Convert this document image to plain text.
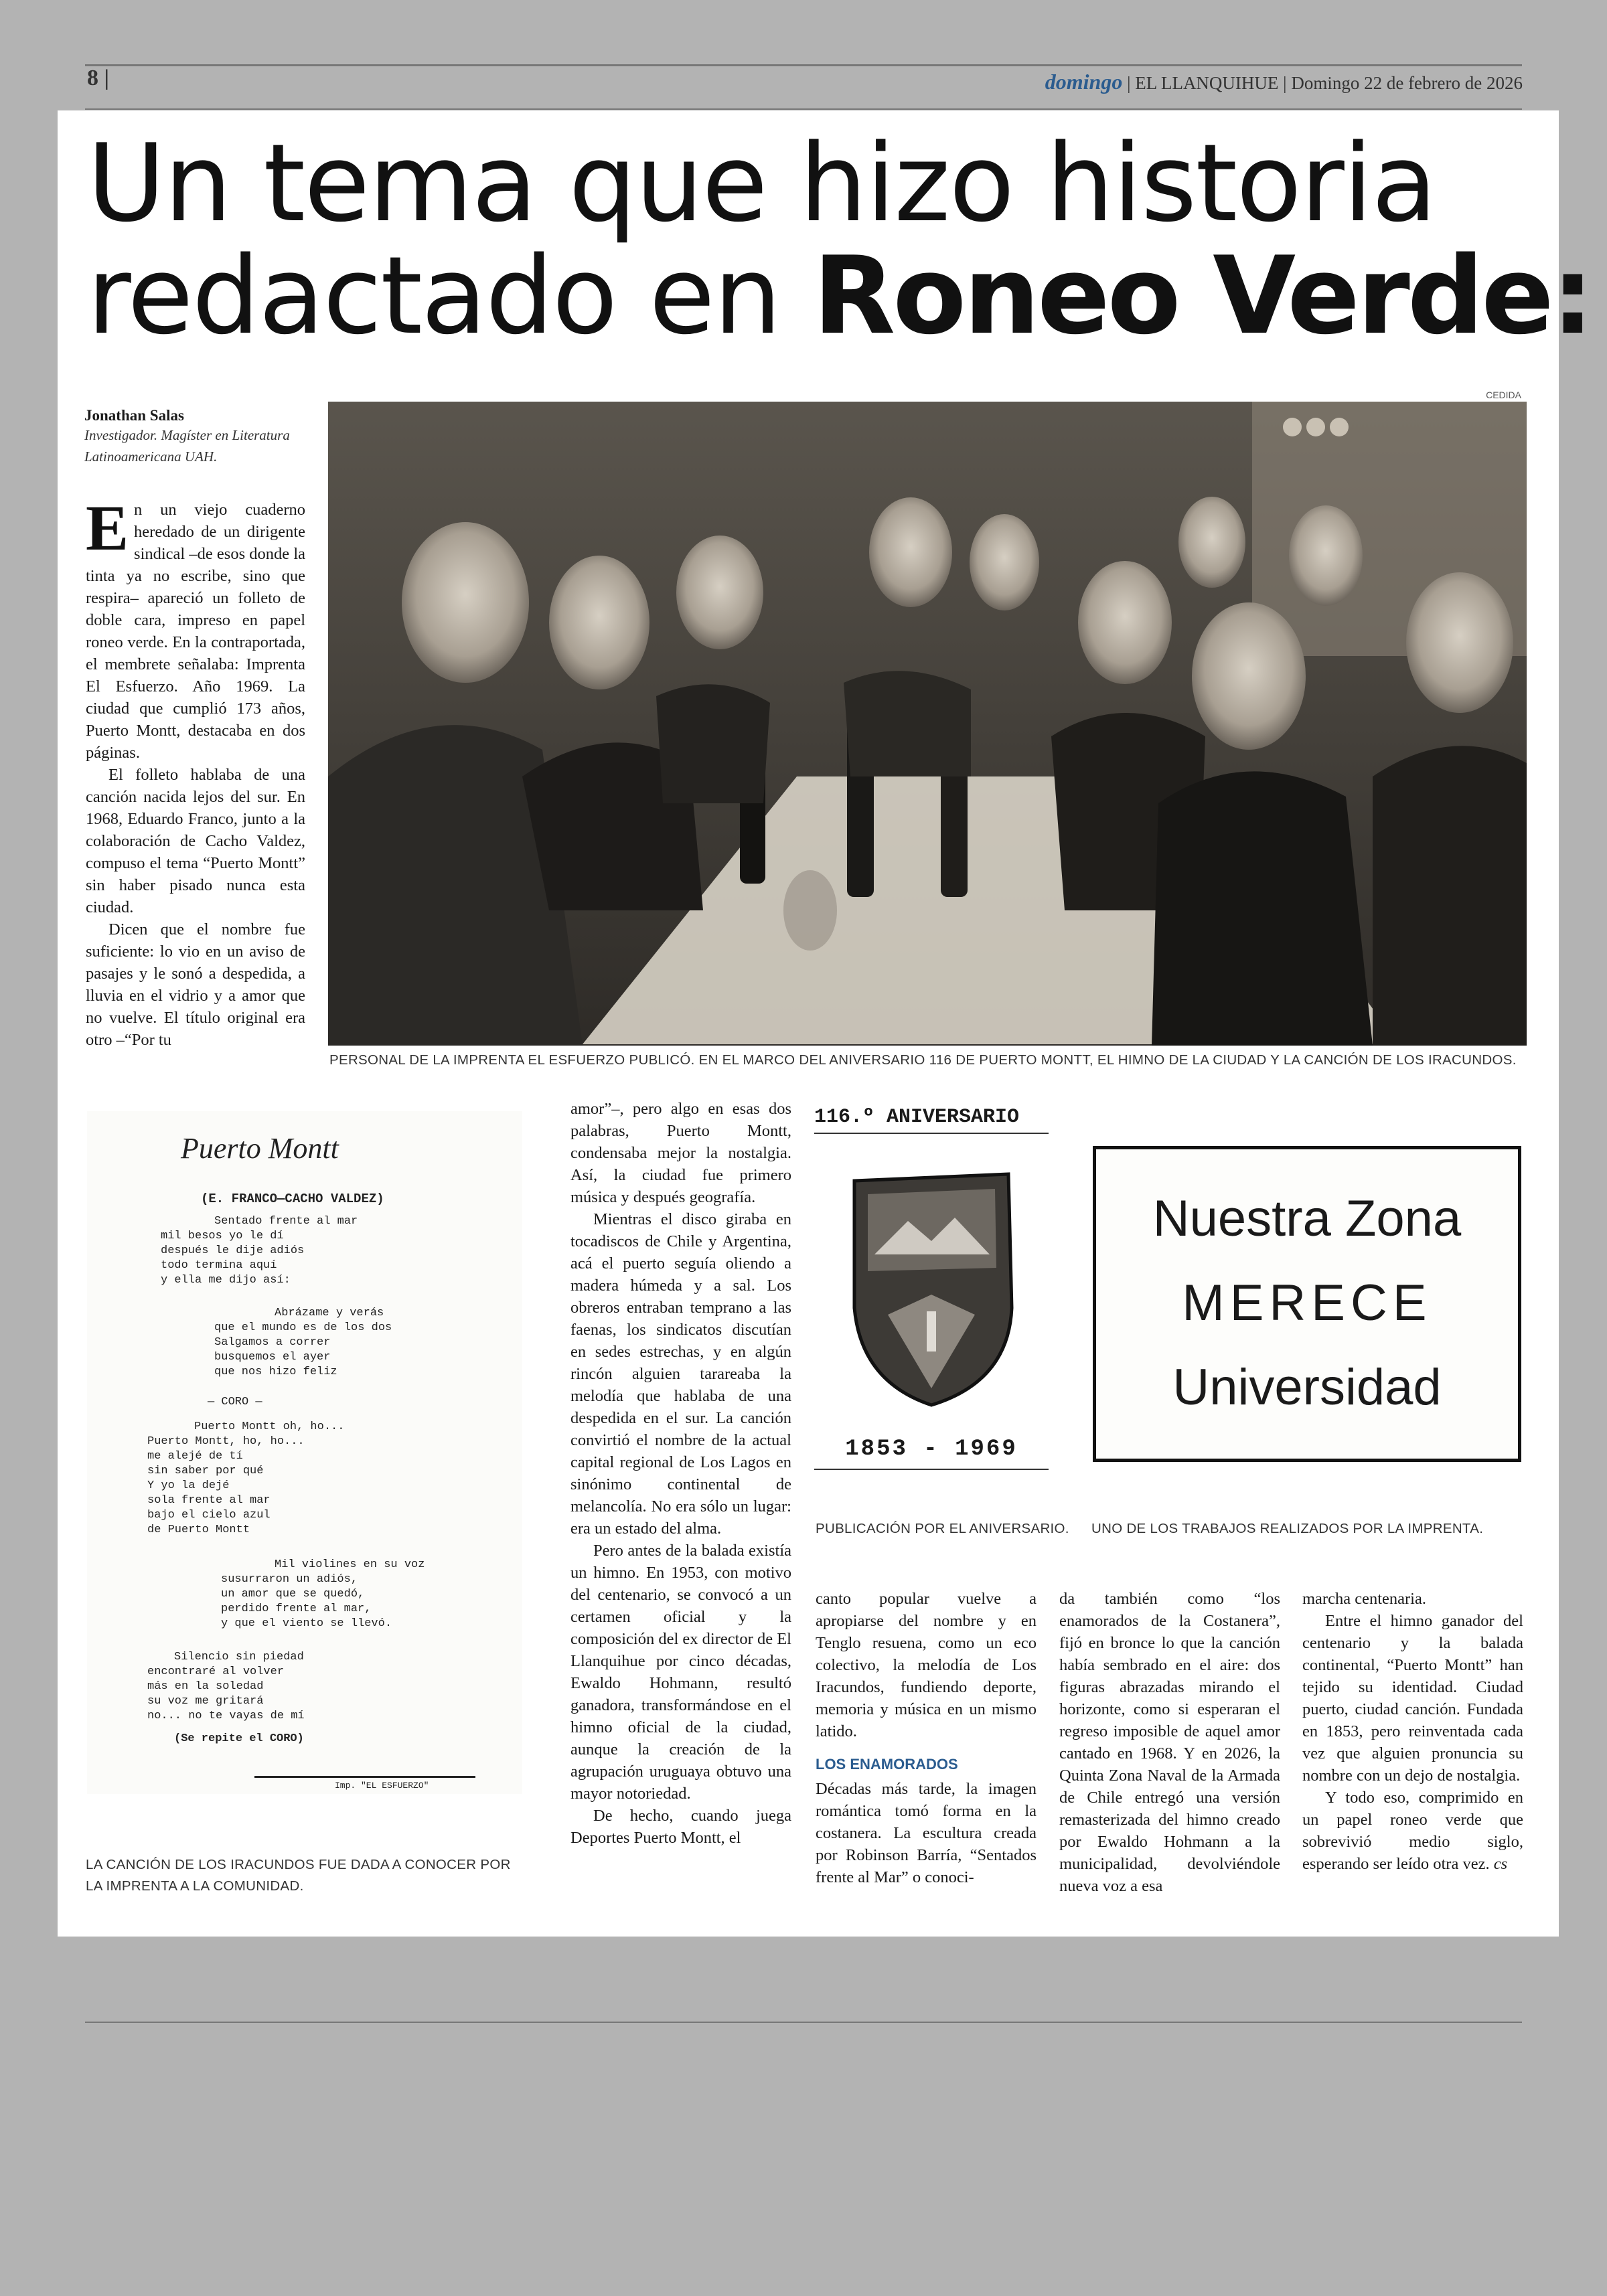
8 |	domingo | EL LLANQUIHUE | Domingo 22 de febrero de 2026
Un tema que hizo historia
redactado en Roneo Verde:
Jonathan Salas
Investigador. Magíster en Literatura Latinoamericana UAH.

En un viejo cuaderno heredado de un dirigente sindical –de esos donde la tinta ya no escribe, sino que respira– apareció un folleto de doble cara, impreso en papel roneo verde. En la contraportada, el membrete señalaba: Imprenta El Esfuerzo. Año 1969. La ciudad que cumplió 173 años, Puerto Montt, destacaba en dos páginas.

El folleto hablaba de una canción nacida lejos del sur. En 1968, Eduardo Franco, junto a la colaboración de Cacho Valdez, compuso el tema “Puerto Montt” sin haber pisado nunca esta ciudad.

Dicen que el nombre fue suficiente: lo vio en un aviso de pasajes y le sonó a despedida, a lluvia en el vidrio y a amor que no vuelve. El título original era otro –“Por tu

CEDIDA
PERSONAL DE LA IMPRENTA EL ESFUERZO PUBLICÓ. EN EL MARCO DEL ANIVERSARIO 116 DE PUERTO MONTT, EL HIMNO DE LA CIUDAD Y LA CANCIÓN DE LOS IRACUNDOS.
Puerto Montt
(E. FRANCO—CACHO VALDEZ)
Sentado frente al mar
mil besos yo le dí
después le dije adiós
todo termina aquí
y ella me dijo así:
Abrázame y verás
que el mundo es de los dos
Salgamos a correr
busquemos el ayer
que nos hizo feliz
— CORO —
Puerto Montt oh, ho...
Puerto Montt, ho, ho...
me alejé de tí
sin saber por qué
Y yo la dejé
sola frente al mar
bajo el cielo azul
de Puerto Montt
Mil violines en su voz
susurraron un adiós,
un amor que se quedó,
perdido frente al mar,
y que el viento se llevó.
Silencio sin piedad
encontraré al volver
más en la soledad
su voz me gritará
no... no te vayas de mí
(Se repite el CORO)
Imp. "EL ESFUERZO"
LA CANCIÓN DE LOS IRACUNDOS FUE DADA A CONOCER POR LA IMPRENTA A LA COMUNIDAD.

amor”–, pero algo en esas dos palabras, Puerto Montt, condensaba mejor la nostalgia. Así, la ciudad fue primero música y después geografía.

Mientras el disco giraba en tocadiscos de Chile y Argentina, acá el puerto seguía oliendo a madera húmeda y a sal. Los obreros entraban temprano a las faenas, los sindicatos discutían en sedes estrechas, y en algún rincón alguien tarareaba la melodía que hablaba de una despedida en el sur. La canción convirtió el nombre de la actual capital regional de Los Lagos en sinónimo continental de melancolía. No era sólo un lugar: era un estado del alma.

Pero antes de la balada existía un himno. En 1953, con motivo del centenario, se convocó a un certamen oficial y la composición del ex director de El Llanquihue por cinco décadas, Ewaldo Hohmann, resultó ganadora, transformándose en el himno oficial de la ciudad, aunque la creación de la agrupación uruguaya obtuvo una mayor notoriedad.

De hecho, cuando juega Deportes Puerto Montt, el

116.º ANIVERSARIO
1853 - 1969
PUBLICACIÓN POR EL ANIVERSARIO.
Nuestra Zona
MERECE
Universidad
UNO DE LOS TRABAJOS REALIZADOS POR LA IMPRENTA.

canto popular vuelve a apropiarse del nombre y en Tenglo resuena, como un eco colectivo, la melodía de Los Iracundos, fundiendo deporte, memoria y música en un mismo latido.

LOS ENAMORADOS

Décadas más tarde, la imagen romántica tomó forma en la costanera. La escultura creada por Robinson Barría, “Sentados frente al Mar” o conoci-

da también como “los enamorados de la Costanera”, fijó en bronce lo que la canción había sembrado en el aire: dos figuras abrazadas mirando el horizonte, como si esperaran el regreso imposible de aquel amor cantado en 1968. Y en 2026, la Quinta Zona Naval de la Armada de Chile entregó una versión remasterizada del himno creado por Ewaldo Hohmann a la municipalidad, devolviéndole nueva voz a esa

marcha centenaria.

Entre el himno ganador del centenario y la balada continental, “Puerto Montt” han tejido su identidad. Ciudad puerto, ciudad canción. Fundada en 1853, pero reinventada cada vez que alguien pronuncia su nombre con un dejo de nostalgia.

Y todo eso, comprimido en un papel roneo verde que sobrevivió medio siglo, esperando ser leído otra vez. cs
